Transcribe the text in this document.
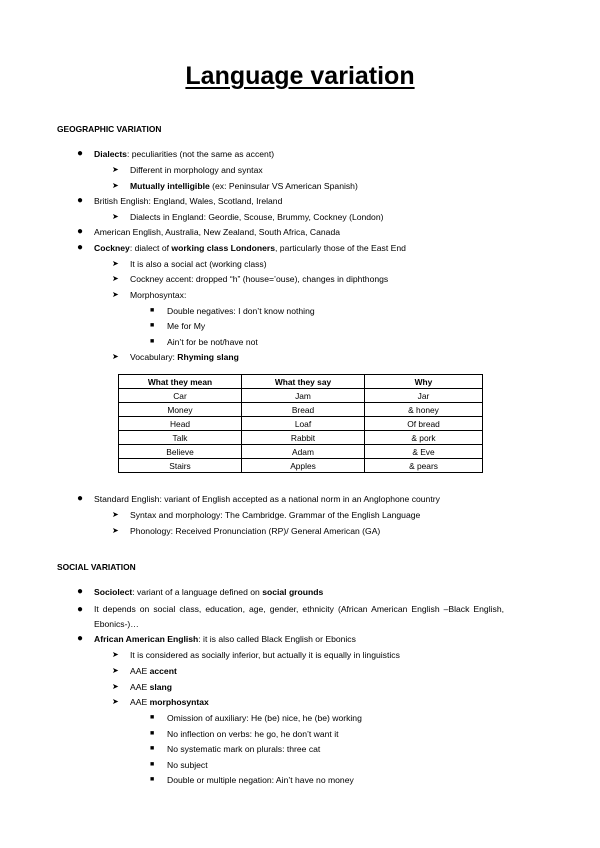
Language variation
GEOGRAPHIC VARIATION
● Dialects: peculiarities (not the same as accent)
➤ Different in morphology and syntax
➤ Mutually intelligible (ex: Peninsular VS American Spanish)
● British English: England, Wales, Scotland, Ireland
➤ Dialects in England: Geordie, Scouse, Brummy, Cockney (London)
● American English, Australia, New Zealand, South Africa, Canada
● Cockney: dialect of working class Londoners, particularly those of the East End
➤ It is also a social act (working class)
➤ Cockney accent: dropped “h” (house=’ouse), changes in diphthongs
➤ Morphosyntax:
■ Double negatives: I don’t know nothing
■ Me for My
■ Ain’t for be not/have not
➤ Vocabulary: Rhyming slang
What they mean	What they say	Why
Car	Jam	Jar
Money	Bread	& honey
Head	Loaf	Of bread
Talk	Rabbit	& pork
Believe	Adam	& Eve
Stairs	Apples	& pears
● Standard English: variant of English accepted as a national norm in an Anglophone country
➤ Syntax and morphology: The Cambridge. Grammar of the English Language
➤ Phonology: Received Pronunciation (RP)/ General American (GA)
SOCIAL VARIATION
● Sociolect: variant of a language defined on social grounds
● It depends on social class, education, age, gender, ethnicity (African American English –Black English, Ebonics-)…
● African American English: it is also called Black English or Ebonics
➤ It is considered as socially inferior, but actually it is equally in linguistics
➤ AAE accent
➤ AAE slang
➤ AAE morphosyntax
■ Omission of auxiliary: He (be) nice, he (be) working
■ No inflection on verbs: he go, he don’t want it
■ No systematic mark on plurals: three cat
■ No subject
■ Double or multiple negation: Ain’t have no money
